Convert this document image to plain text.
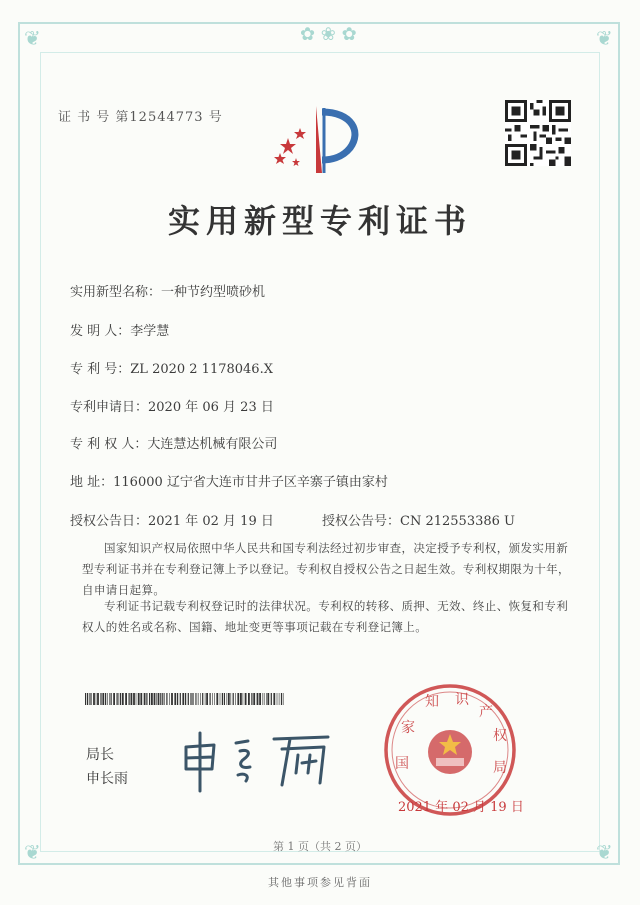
❦	❦
❦	❦
✿ ❀ ✿
证 书 号 第12544773 号
实用新型专利证书
实用新型名称：一种节约型喷砂机
发 明 人：李学慧
专 利 号：ZL 2020 2 1178046.X
专利申请日：2020 年 06 月 23 日
专 利 权 人：大连慧达机械有限公司
地 址：116000 辽宁省大连市甘井子区辛寨子镇由家村
授权公告日：2021 年 02 月 19 日	授权公告号：CN 212553386 U
国家知识产权局依照中华人民共和国专利法经过初步审查，决定授予专利权，颁发实用新型专利证书并在专利登记簿上予以登记。专利权自授权公告之日起生效。专利权期限为十年，自申请日起算。
专利证书记载专利权登记时的法律状况。专利权的转移、质押、无效、终止、恢复和专利权人的姓名或名称、国籍、地址变更等事项记载在专利登记簿上。
局长
申长雨
国
家
知 识
产
权
局
2021 年 02 月 19 日
第 1 页（共 2 页）
其他事项参见背面
